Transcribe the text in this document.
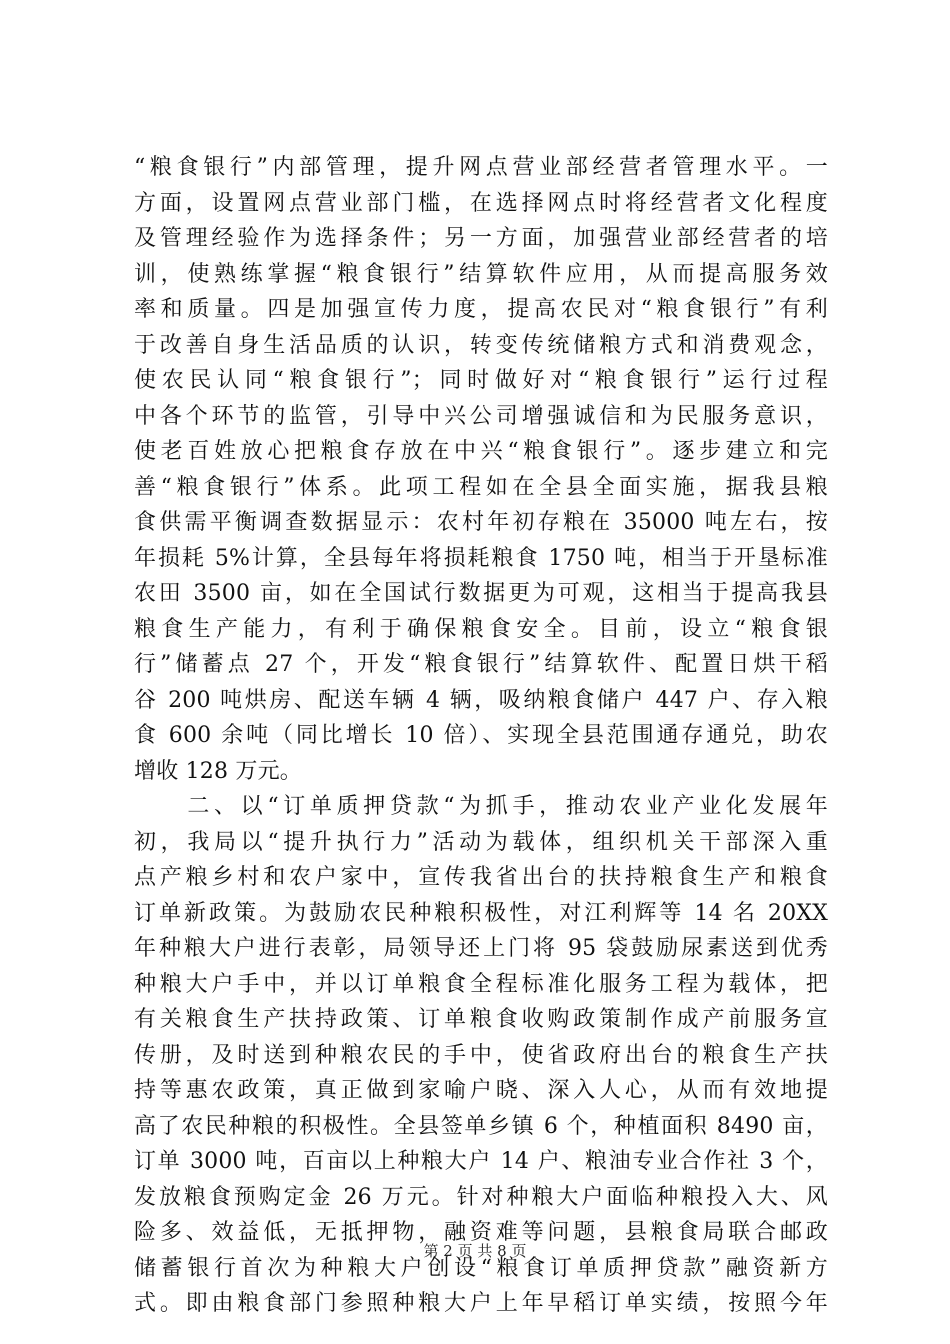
“粮食银行”内部管理，提升网点营业部经营者管理水平。一
方面，设置网点营业部门槛，在选择网点时将经营者文化程度
及管理经验作为选择条件；另一方面，加强营业部经营者的培
训，使熟练掌握“粮食银行”结算软件应用，从而提高服务效
率和质量。四是加强宣传力度，提高农民对“粮食银行”有利
于改善自身生活品质的认识，转变传统储粮方式和消费观念，
使农民认同“粮食银行”；同时做好对“粮食银行”运行过程
中各个环节的监管，引导中兴公司增强诚信和为民服务意识，
使老百姓放心把粮食存放在中兴“粮食银行”。逐步建立和完
善“粮食银行”体系。此项工程如在全县全面实施，据我县粮
食供需平衡调查数据显示：农村年初存粮在 35000 吨左右，按
年损耗 5%计算，全县每年将损耗粮食 1750 吨，相当于开垦标准
农田 3500 亩，如在全国试行数据更为可观，这相当于提高我县
粮食生产能力，有利于确保粮食安全。目前，设立“粮食银
行”储蓄点 27 个，开发“粮食银行”结算软件、配置日烘干稻
谷 200 吨烘房、配送车辆 4 辆，吸纳粮食储户 447 户、存入粮
食 600 余吨（同比增长 10 倍）、实现全县范围通存通兑，助农
增收 128 万元。
　　二、以“订单质押贷款“为抓手，推动农业产业化发展年
初，我局以“提升执行力”活动为载体，组织机关干部深入重
点产粮乡村和农户家中，宣传我省出台的扶持粮食生产和粮食
订单新政策。为鼓励农民种粮积极性，对江利辉等 14 名 20XX
年种粮大户进行表彰，局领导还上门将 95 袋鼓励尿素送到优秀
种粮大户手中，并以订单粮食全程标准化服务工程为载体，把
有关粮食生产扶持政策、订单粮食收购政策制作成产前服务宣
传册，及时送到种粮农民的手中，使省政府出台的粮食生产扶
持等惠农政策，真正做到家喻户晓、深入人心，从而有效地提
高了农民种粮的积极性。全县签单乡镇 6 个，种植面积 8490 亩，
订单 3000 吨，百亩以上种粮大户 14 户、粮油专业合作社 3 个，
发放粮食预购定金 26 万元。针对种粮大户面临种粮投入大、风
险多、效益低，无抵押物，融资难等问题，县粮食局联合邮政
储蓄银行首次为种粮大户创设“粮食订单质押贷款”融资新方
式。即由粮食部门参照种粮大户上年早稻订单实绩，按照今年
第 2 页 共 8 页
